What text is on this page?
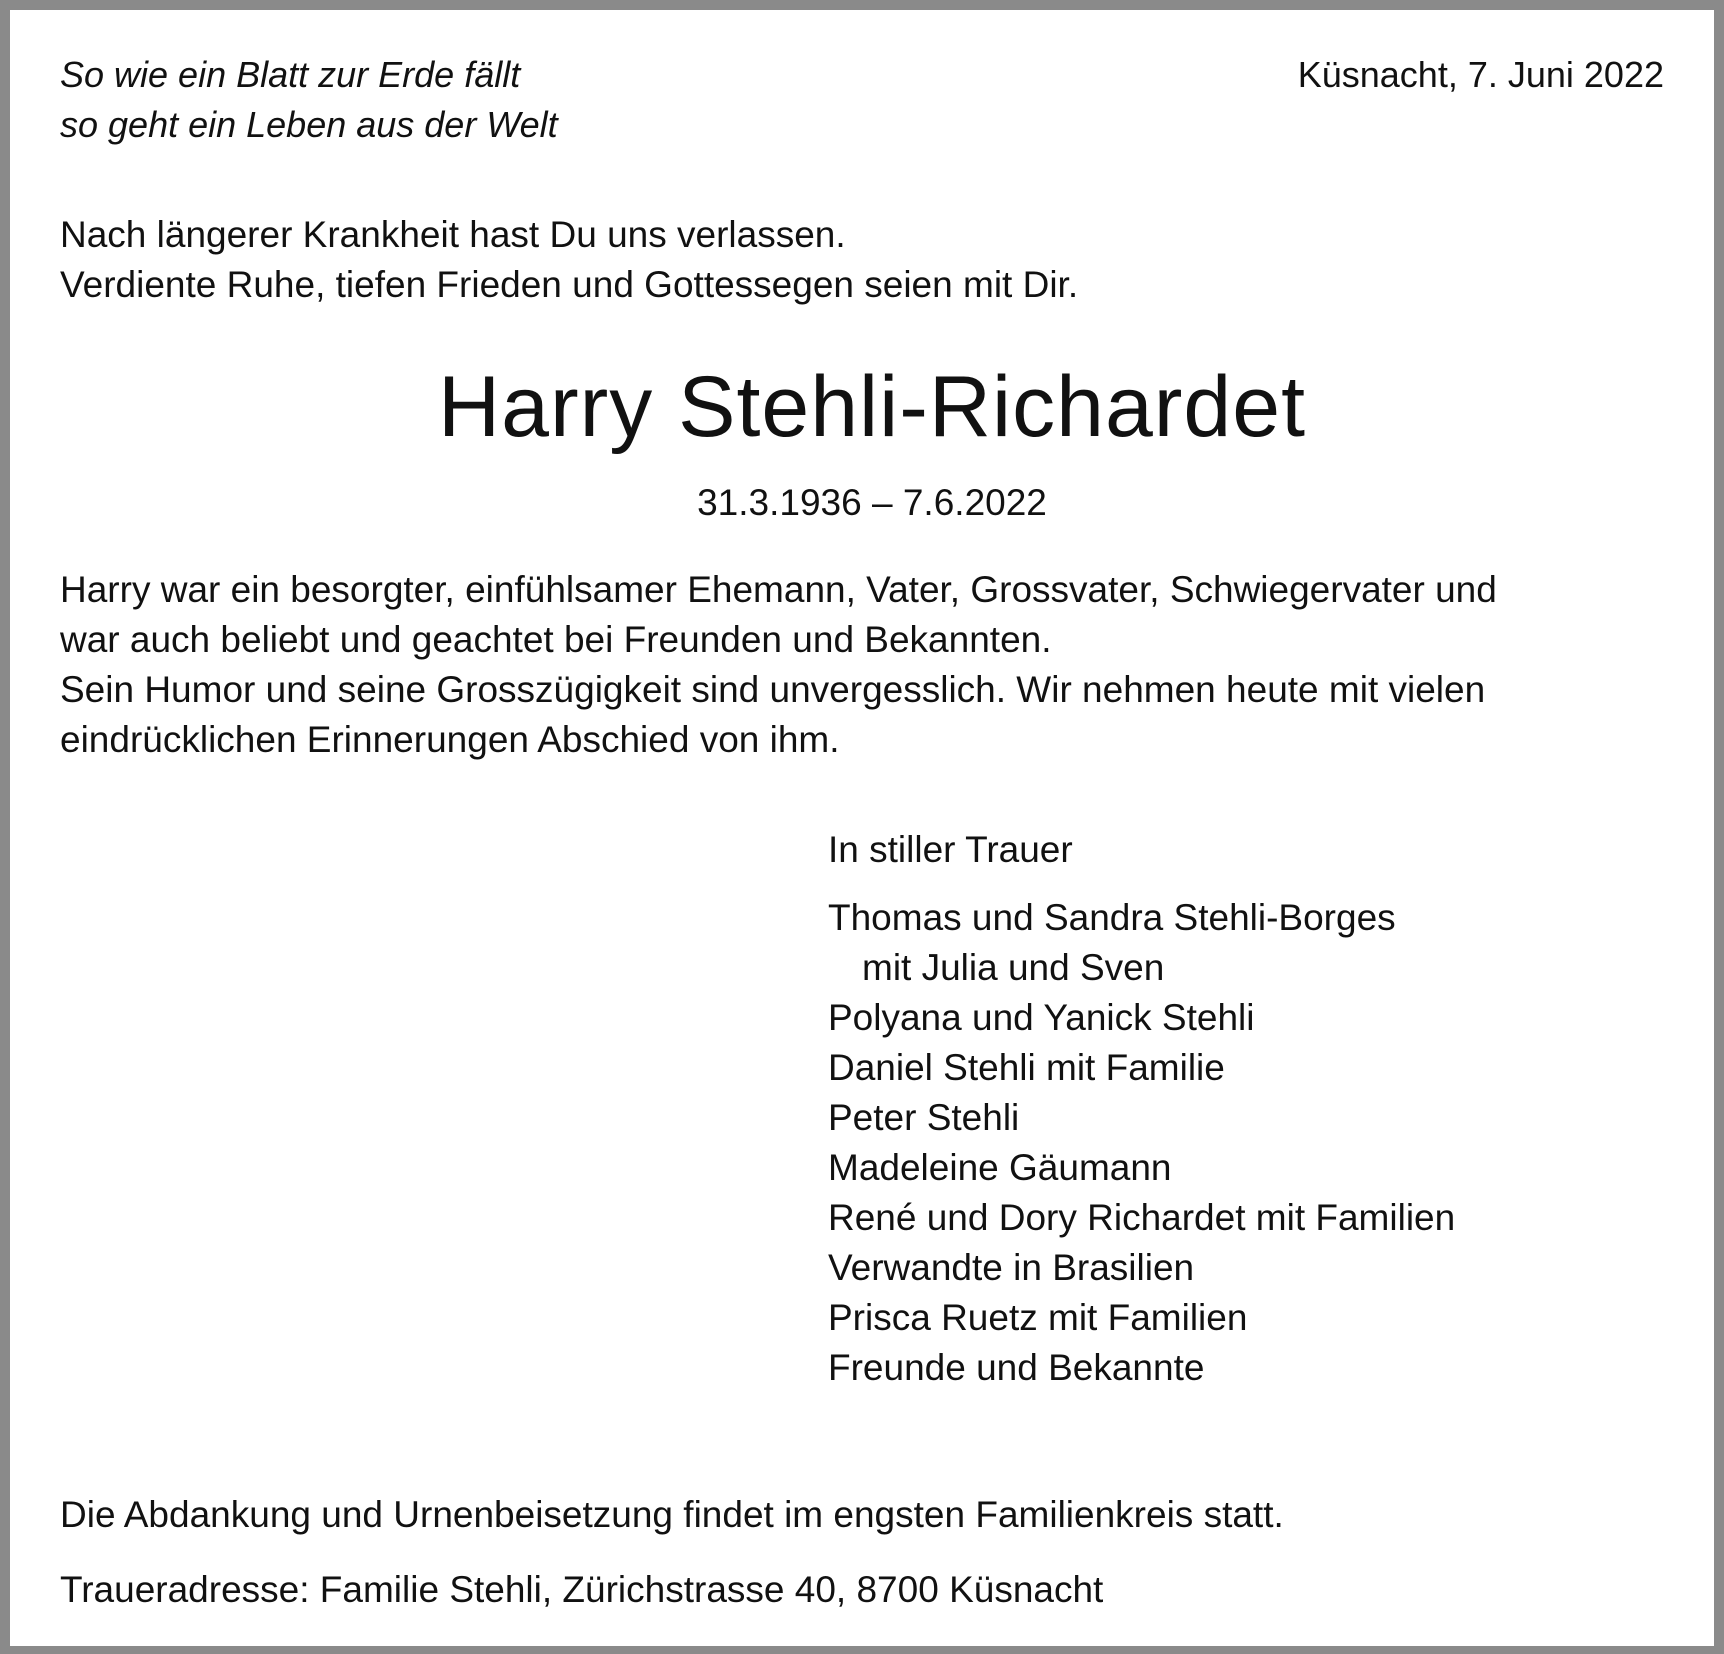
So wie ein Blatt zur Erde fällt
so geht ein Leben aus der Welt
Küsnacht, 7. Juni 2022
Nach längerer Krankheit hast Du uns verlassen.
Verdiente Ruhe, tiefen Frieden und Gottessegen seien mit Dir.
Harry Stehli-Richardet
31.3.1936 – 7.6.2022
Harry war ein besorgter, einfühlsamer Ehemann, Vater, Grossvater, Schwiegervater und
war auch beliebt und geachtet bei Freunden und Bekannten.
Sein Humor und seine Grosszügigkeit sind unvergesslich. Wir nehmen heute mit vielen
eindrücklichen Erinnerungen Abschied von ihm.
In stiller Trauer
Thomas und Sandra Stehli-Borges
mit Julia und Sven
Polyana und Yanick Stehli
Daniel Stehli mit Familie
Peter Stehli
Madeleine Gäumann
René und Dory Richardet mit Familien
Verwandte in Brasilien
Prisca Ruetz mit Familien
Freunde und Bekannte
Die Abdankung und Urnenbeisetzung findet im engsten Familienkreis statt.
Traueradresse: Familie Stehli, Zürichstrasse 40, 8700 Küsnacht
